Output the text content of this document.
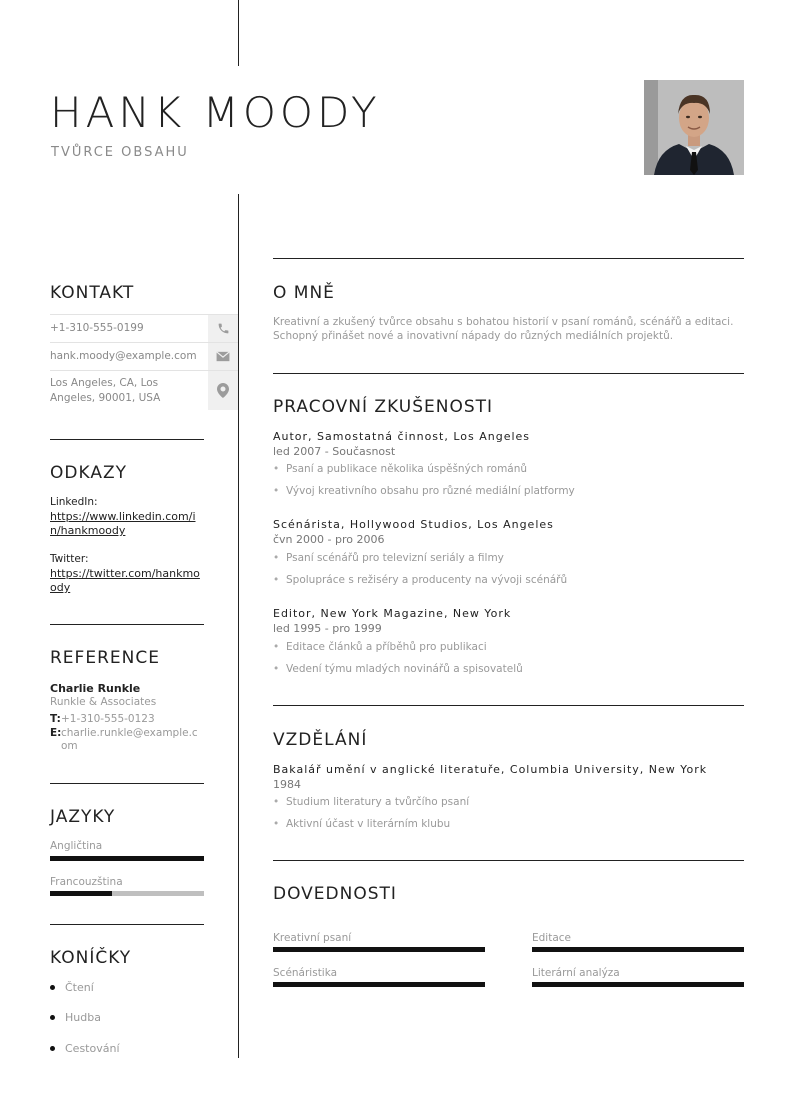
HANK MOODY
TVŮRCE OBSAHU
KONTAKT
+1-310-555-0199
hank.moody@example.com
Los Angeles, CA, Los Angeles, 90001, USA
ODKAZY
LinkedIn:
https://www.linkedin.com/in/hankmoody
Twitter:
https://twitter.com/hankmoody
REFERENCE
Charlie Runkle
Runkle & Associates
T: +1-310-555-0123
E: charlie.runkle@example.com
JAZYKY
Angličtina
Francouzština
KONÍČKY
Čtení
Hudba
Cestování
O MNĚ
Kreativní a zkušený tvůrce obsahu s bohatou historií v psaní románů, scénářů a editaci. Schopný přinášet nové a inovativní nápady do různých mediálních projektů.
PRACOVNÍ ZKUŠENOSTI
Autor, Samostatná činnost, Los Angeles
led 2007 - Současnost
• Psaní a publikace několika úspěšných románů
• Vývoj kreativního obsahu pro různé mediální platformy
Scénárista, Hollywood Studios, Los Angeles
čvn 2000 - pro 2006
• Psaní scénářů pro televizní seriály a filmy
• Spolupráce s režiséry a producenty na vývoji scénářů
Editor, New York Magazine, New York
led 1995 - pro 1999
• Editace článků a příběhů pro publikaci
• Vedení týmu mladých novinářů a spisovatelů
VZDĚLÁNÍ
Bakalář umění v anglické literatuře, Columbia University, New York
1984
• Studium literatury a tvůrčího psaní
• Aktivní účast v literárním klubu
DOVEDNOSTI
Kreativní psaní	Editace
Scénáristika	Literární analýza
